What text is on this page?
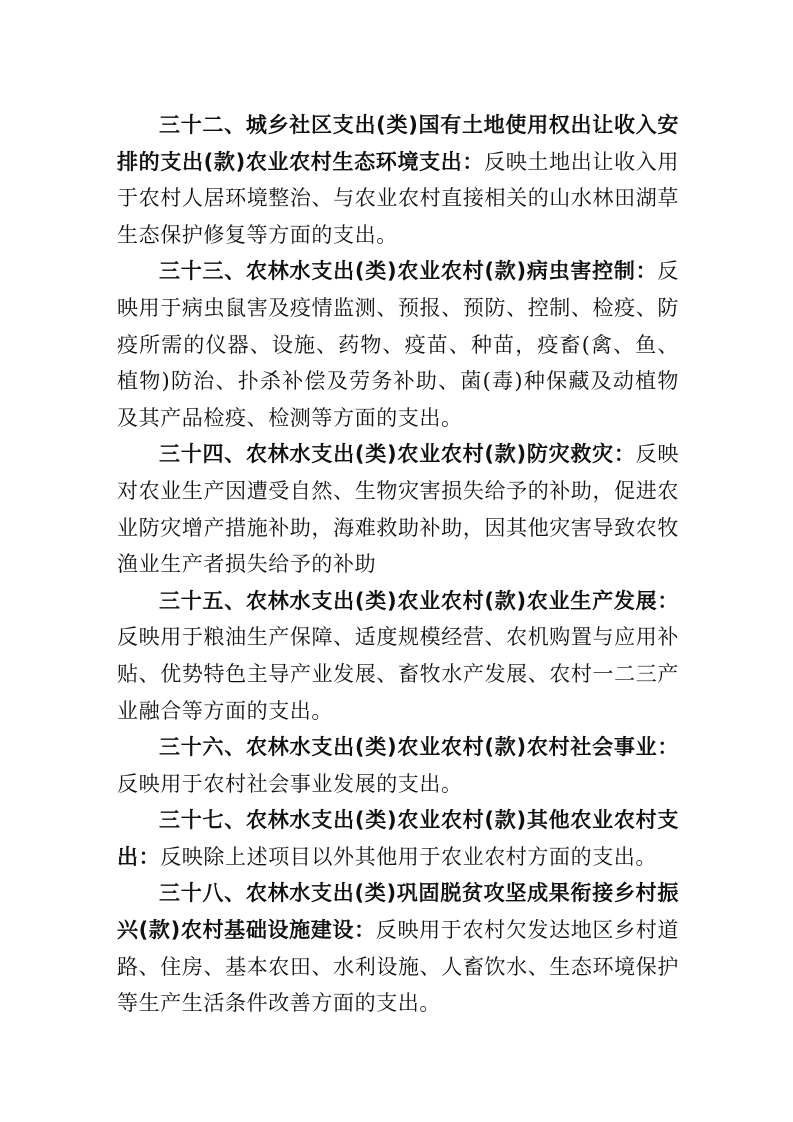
三十二、城乡社区支出(类)国有土地使用权出让收入安排的支出(款)农业农村生态环境支出：反映土地出让收入用于农村人居环境整治、与农业农村直接相关的山水林田湖草生态保护修复等方面的支出。

三十三、农林水支出(类)农业农村(款)病虫害控制：反映用于病虫鼠害及疫情监测、预报、预防、控制、检疫、防疫所需的仪器、设施、药物、疫苗、种苗，疫畜(禽、鱼、植物)防治、扑杀补偿及劳务补助、菌(毒)种保藏及动植物及其产品检疫、检测等方面的支出。

三十四、农林水支出(类)农业农村(款)防灾救灾：反映对农业生产因遭受自然、生物灾害损失给予的补助，促进农业防灾增产措施补助，海难救助补助，因其他灾害导致农牧渔业生产者损失给予的补助

三十五、农林水支出(类)农业农村(款)农业生产发展：反映用于粮油生产保障、适度规模经营、农机购置与应用补贴、优势特色主导产业发展、畜牧水产发展、农村一二三产业融合等方面的支出。

三十六、农林水支出(类)农业农村(款)农村社会事业：反映用于农村社会事业发展的支出。

三十七、农林水支出(类)农业农村(款)其他农业农村支出：反映除上述项目以外其他用于农业农村方面的支出。

三十八、农林水支出(类)巩固脱贫攻坚成果衔接乡村振兴(款)农村基础设施建设：反映用于农村欠发达地区乡村道路、住房、基本农田、水利设施、人畜饮水、生态环境保护等生产生活条件改善方面的支出。
